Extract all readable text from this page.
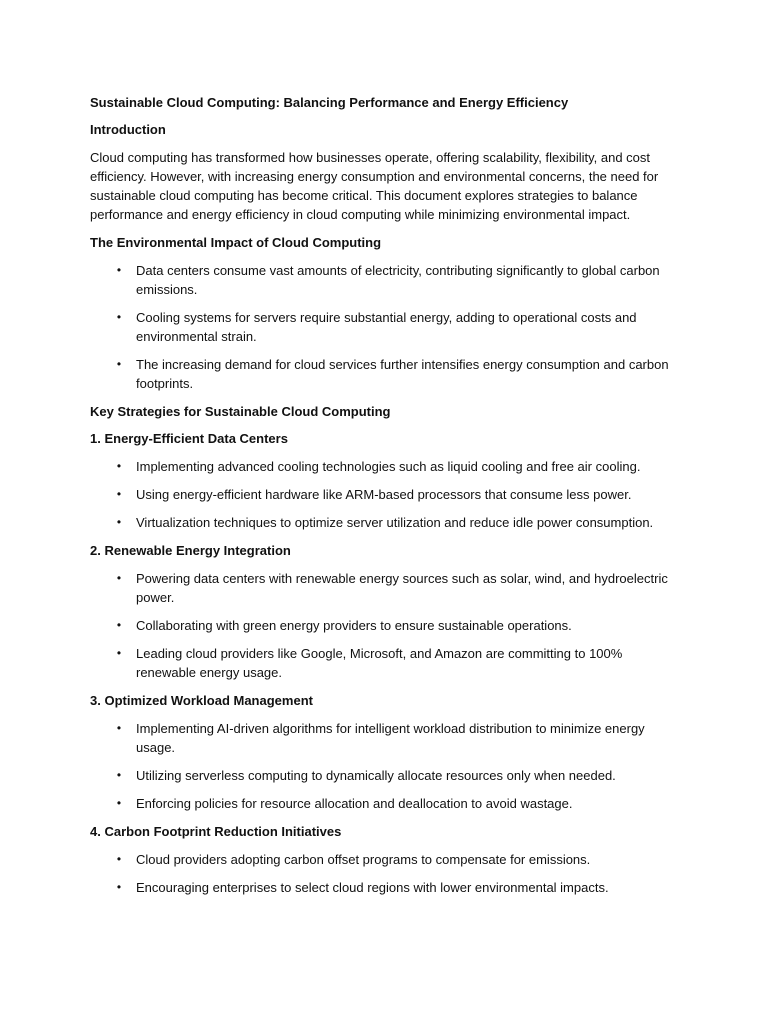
Sustainable Cloud Computing: Balancing Performance and Energy Efficiency
Introduction

Cloud computing has transformed how businesses operate, offering scalability, flexibility, and cost efficiency. However, with increasing energy consumption and environmental concerns, the need for sustainable cloud computing has become critical. This document explores strategies to balance performance and energy efficiency in cloud computing while minimizing environmental impact.

The Environmental Impact of Cloud Computing
• Data centers consume vast amounts of electricity, contributing significantly to global carbon emissions.
• Cooling systems for servers require substantial energy, adding to operational costs and environmental strain.
• The increasing demand for cloud services further intensifies energy consumption and carbon footprints.
Key Strategies for Sustainable Cloud Computing
1. Energy-Efficient Data Centers
• Implementing advanced cooling technologies such as liquid cooling and free air cooling.
• Using energy-efficient hardware like ARM-based processors that consume less power.
• Virtualization techniques to optimize server utilization and reduce idle power consumption.
2. Renewable Energy Integration
• Powering data centers with renewable energy sources such as solar, wind, and hydroelectric power.
• Collaborating with green energy providers to ensure sustainable operations.
• Leading cloud providers like Google, Microsoft, and Amazon are committing to 100% renewable energy usage.
3. Optimized Workload Management
• Implementing AI-driven algorithms for intelligent workload distribution to minimize energy usage.
• Utilizing serverless computing to dynamically allocate resources only when needed.
• Enforcing policies for resource allocation and deallocation to avoid wastage.
4. Carbon Footprint Reduction Initiatives
• Cloud providers adopting carbon offset programs to compensate for emissions.
• Encouraging enterprises to select cloud regions with lower environmental impacts.
